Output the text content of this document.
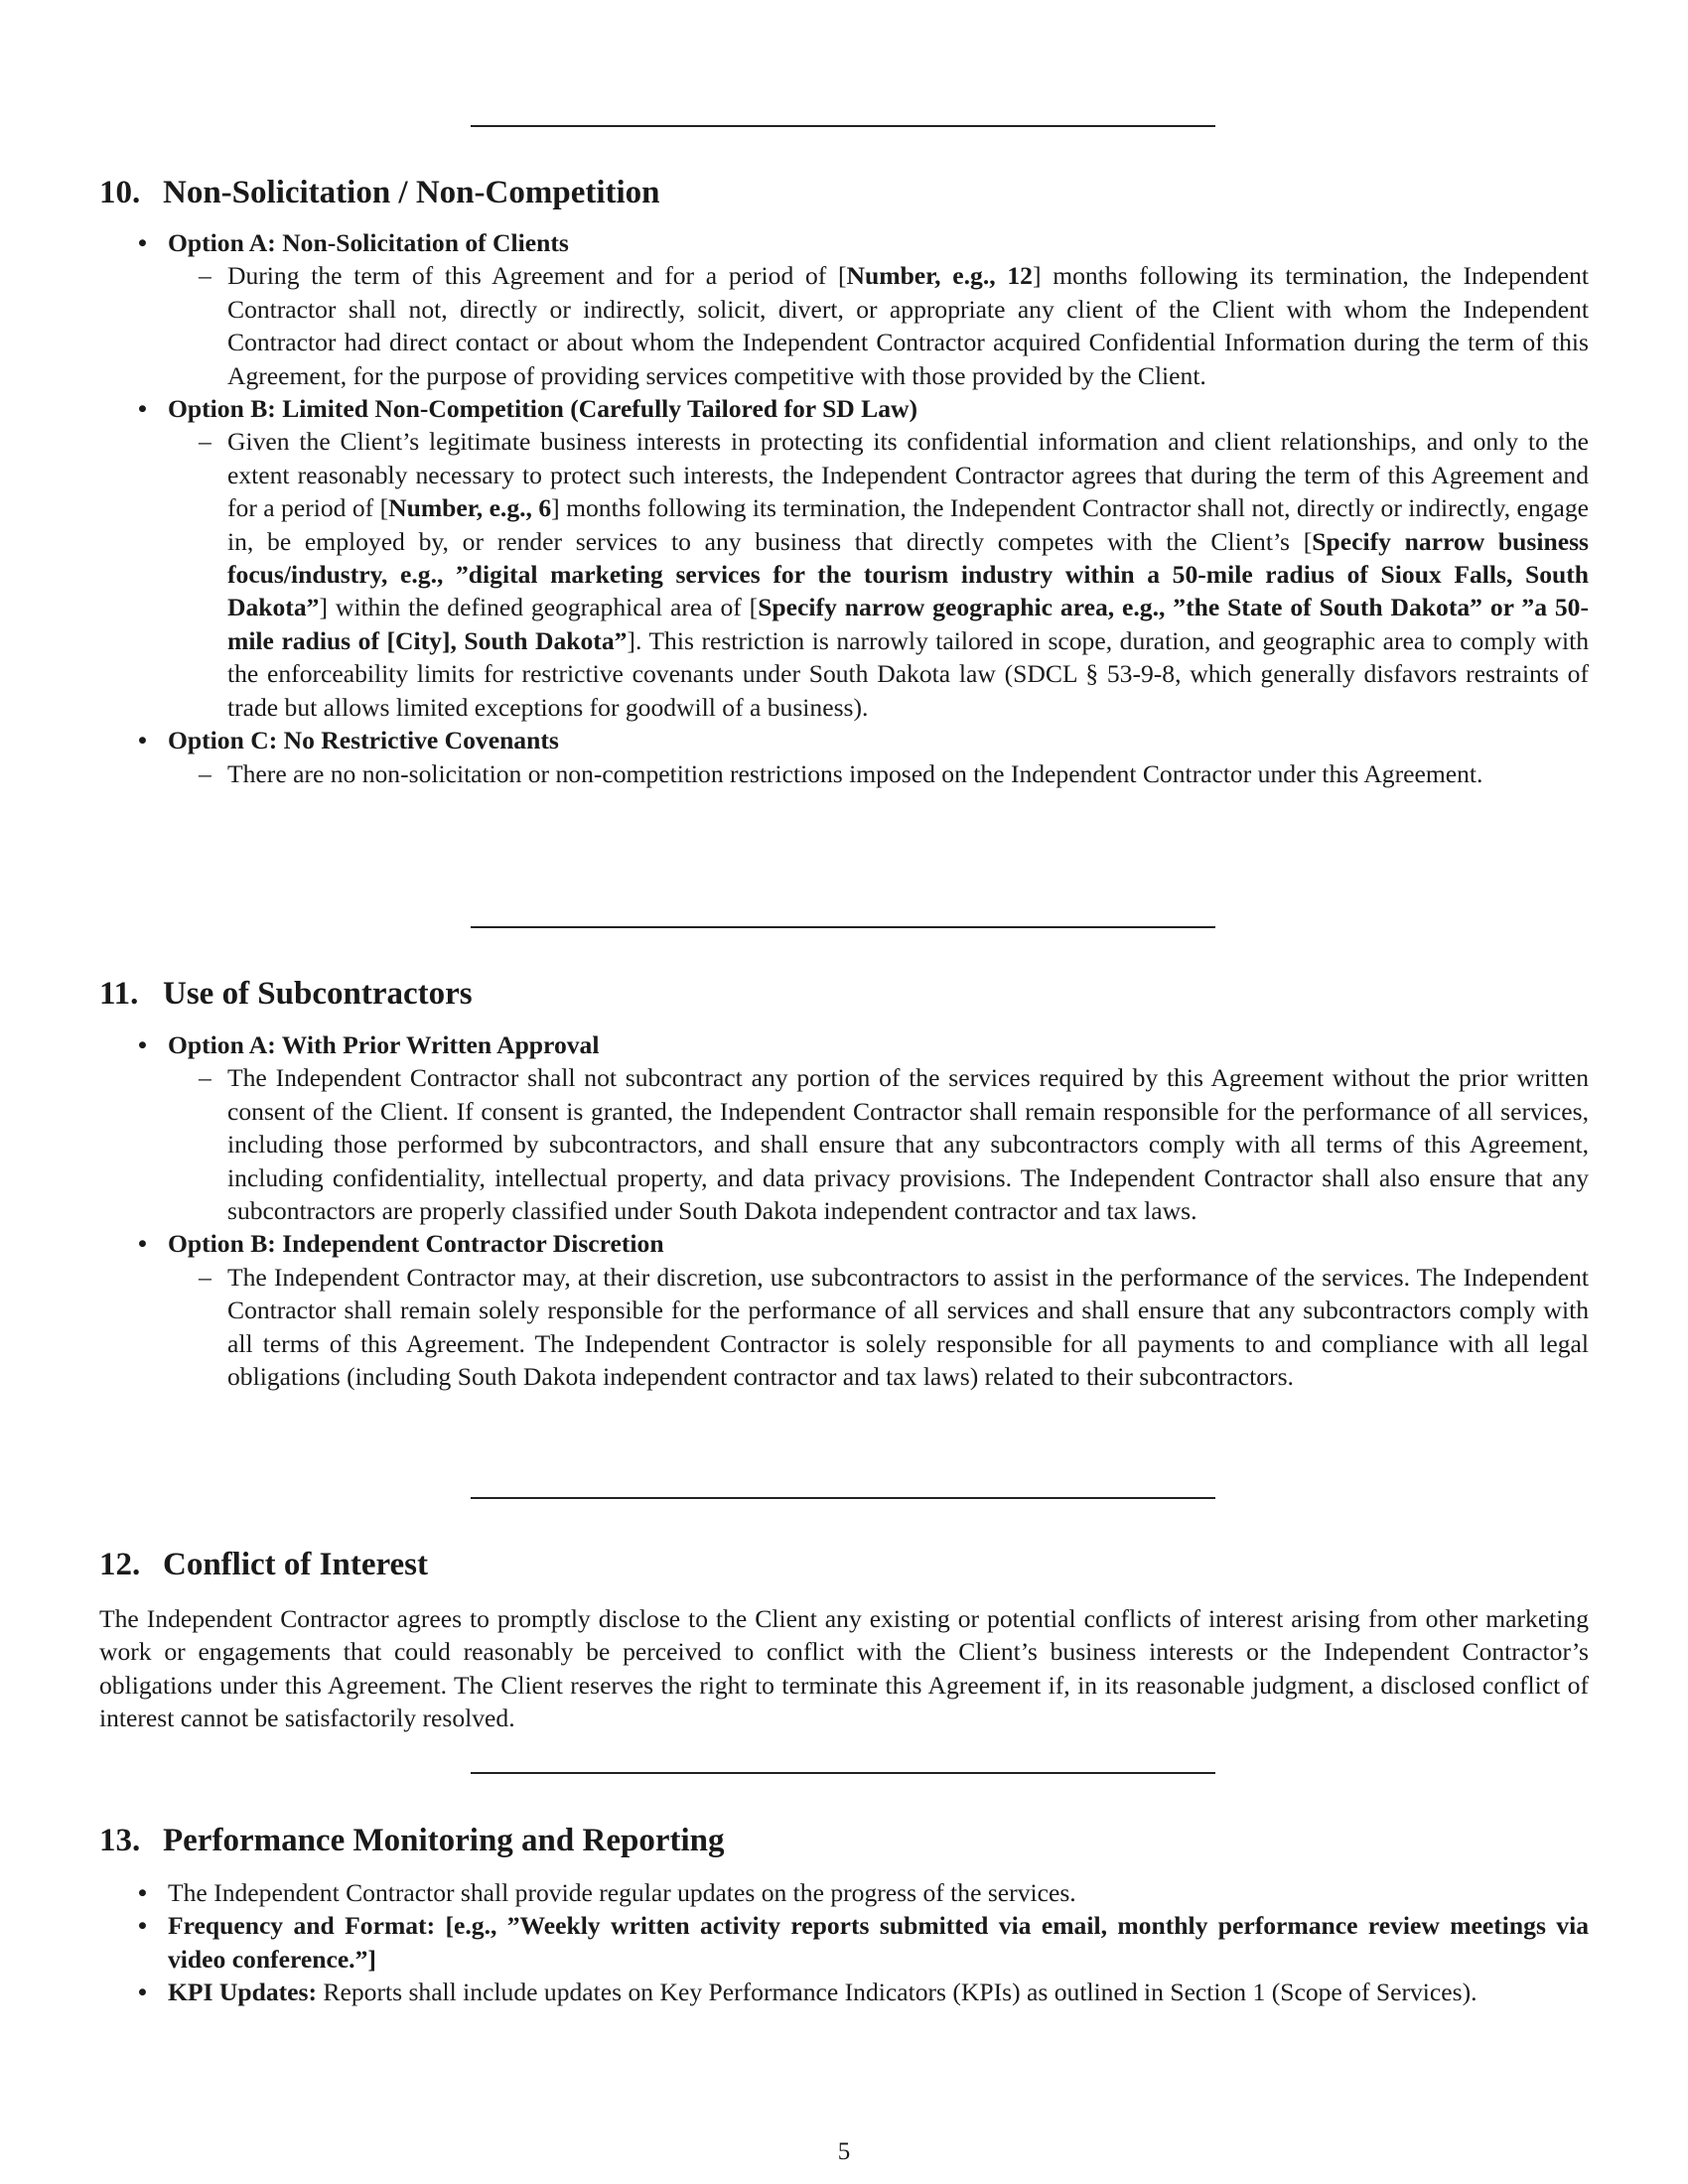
10. Non-Solicitation / Non-Competition
• Option A: Non-Solicitation of Clients
– During the term of this Agreement and for a period of [Number, e.g., 12] months following its termination, the Independent Contractor shall not, directly or indirectly, solicit, divert, or appropriate any client of the Client with whom the Independent Contractor had direct contact or about whom the Independent Contractor acquired Confidential Information during the term of this Agreement, for the purpose of providing services competitive with those provided by the Client.
• Option B: Limited Non-Competition (Carefully Tailored for SD Law)
– Given the Client’s legitimate business interests in protecting its confidential information and client relationships, and only to the extent reasonably necessary to protect such interests, the Independent Contractor agrees that during the term of this Agreement and for a period of [Number, e.g., 6] months following its termination, the Independent Contractor shall not, directly or indirectly, engage in, be employed by, or render services to any business that directly competes with the Client’s [Specify narrow business focus/industry, e.g., ”digital marketing services for the tourism industry within a 50-mile radius of Sioux Falls, South Dakota”] within the defined geographical area of [Specify narrow geographic area, e.g., ”the State of South Dakota” or ”a 50-mile radius of [City], South Dakota”]. This restriction is narrowly tailored in scope, duration, and geographic area to comply with the enforceability limits for restrictive covenants under South Dakota law (SDCL § 53-9-8, which generally disfavors restraints of trade but allows limited exceptions for goodwill of a business).
• Option C: No Restrictive Covenants
– There are no non-solicitation or non-competition restrictions imposed on the Independent Contractor under this Agreement.
11. Use of Subcontractors
• Option A: With Prior Written Approval
– The Independent Contractor shall not subcontract any portion of the services required by this Agreement without the prior written consent of the Client. If consent is granted, the Independent Contractor shall remain responsible for the performance of all services, including those performed by subcontractors, and shall ensure that any subcontractors comply with all terms of this Agreement, including confidentiality, intellectual property, and data privacy provisions. The Independent Contractor shall also ensure that any subcontractors are properly classified under South Dakota independent contractor and tax laws.
• Option B: Independent Contractor Discretion
– The Independent Contractor may, at their discretion, use subcontractors to assist in the performance of the services. The Independent Contractor shall remain solely responsible for the performance of all services and shall ensure that any subcontractors comply with all terms of this Agreement. The Independent Contractor is solely responsible for all payments to and compliance with all legal obligations (including South Dakota independent contractor and tax laws) related to their subcontractors.
12. Conflict of Interest
The Independent Contractor agrees to promptly disclose to the Client any existing or potential conflicts of interest arising from other marketing work or engagements that could reasonably be perceived to conflict with the Client’s business interests or the Independent Contractor’s obligations under this Agreement. The Client reserves the right to terminate this Agreement if, in its reasonable judgment, a disclosed conflict of interest cannot be satisfactorily resolved.
13. Performance Monitoring and Reporting
• The Independent Contractor shall provide regular updates on the progress of the services.
• Frequency and Format: [e.g., ”Weekly written activity reports submitted via email, monthly performance review meetings via video conference.”]
• KPI Updates: Reports shall include updates on Key Performance Indicators (KPIs) as outlined in Section 1 (Scope of Services).
5
